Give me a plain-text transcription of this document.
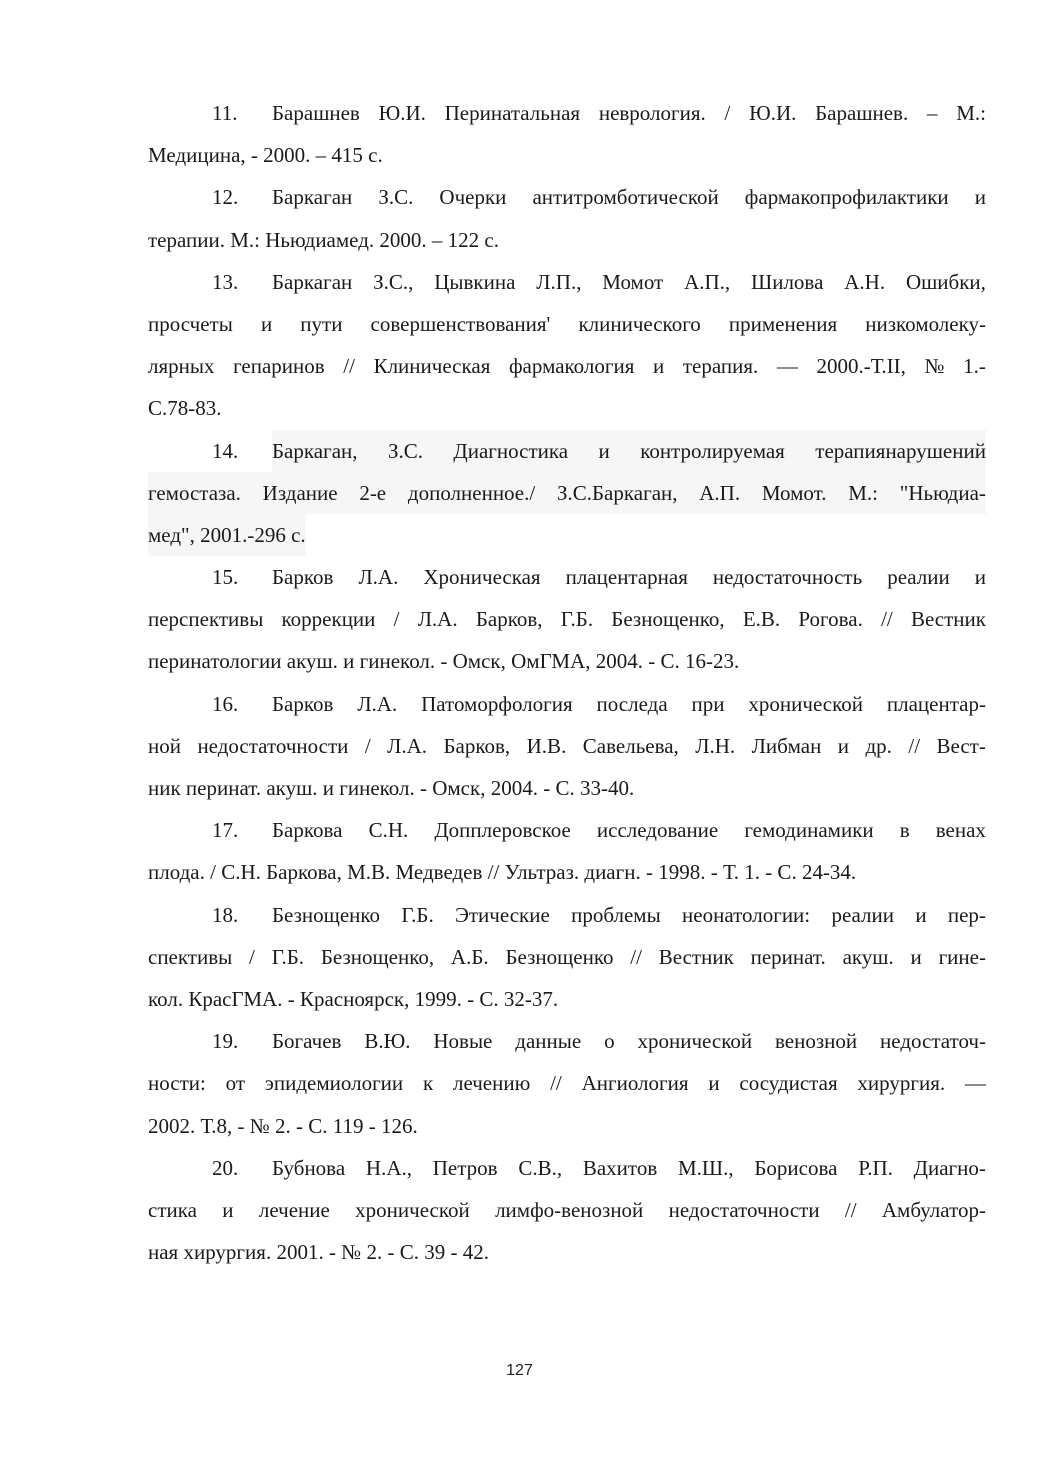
11.	Барашнев Ю.И. Перинатальная неврология. / Ю.И. Барашнев. – М.:
Медицина, - 2000. – 415 с.
12.	Баркаган З.С. Очерки антитромботической фармакопрофилактики и
терапии. М.: Ньюдиамед. 2000. – 122 с.
13.	Баркаган З.С., Цывкина Л.П., Момот А.П., Шилова А.Н. Ошибки,
просчеты и пути совершенствования' клинического применения низкомолеку-
лярных гепаринов // Клиническая фармакология и терапия. — 2000.-Т.II, № 1.-
С.78-83.
14.	Баркаган, З.С. Диагностика и контролируемая терапиянарушений
гемостаза. Издание 2-е дополненное./ З.С.Баркаган, А.П. Момот. М.: "Ньюдиа-
мед", 2001.-296 с.
15.	Барков Л.А. Хроническая плацентарная недостаточность реалии и
перспективы коррекции / Л.А. Барков, Г.Б. Безнощенко, Е.В. Рогова. // Вестник
перинатологии акуш. и гинекол. - Омск, ОмГМА, 2004. - С. 16-23.
16.	Барков Л.А. Патоморфология последа при хронической плацентар-
ной недостаточности / Л.А. Барков, И.В. Савельева, Л.Н. Либман и др. // Вест-
ник перинат. акуш. и гинекол. - Омск, 2004. - С. 33-40.
17.	Баркова С.Н. Допплеровское исследование гемодинамики в венах
плода. / С.Н. Баркова, М.В. Медведев // Ультраз. диагн. - 1998. - Т. 1. - С. 24-34.
18.	Безнощенко Г.Б. Этические проблемы неонатологии: реалии и пер-
спективы / Г.Б. Безнощенко, А.Б. Безнощенко // Вестник перинат. акуш. и гине-
кол. КрасГМА. - Красноярск, 1999. - С. 32-37.
19.	Богачев В.Ю. Новые данные о хронической венозной недостаточ-
ности: от эпидемиологии к лечению // Ангиология и сосудистая хирургия. —
2002. Т.8, - № 2. - С. 119 - 126.
20.	Бубнова Н.А., Петров С.В., Вахитов М.Ш., Борисова Р.П. Диагно-
стика и лечение хронической лимфо-венозной недостаточности // Амбулатор-
ная хирургия. 2001. - № 2. - С. 39 - 42.
127
